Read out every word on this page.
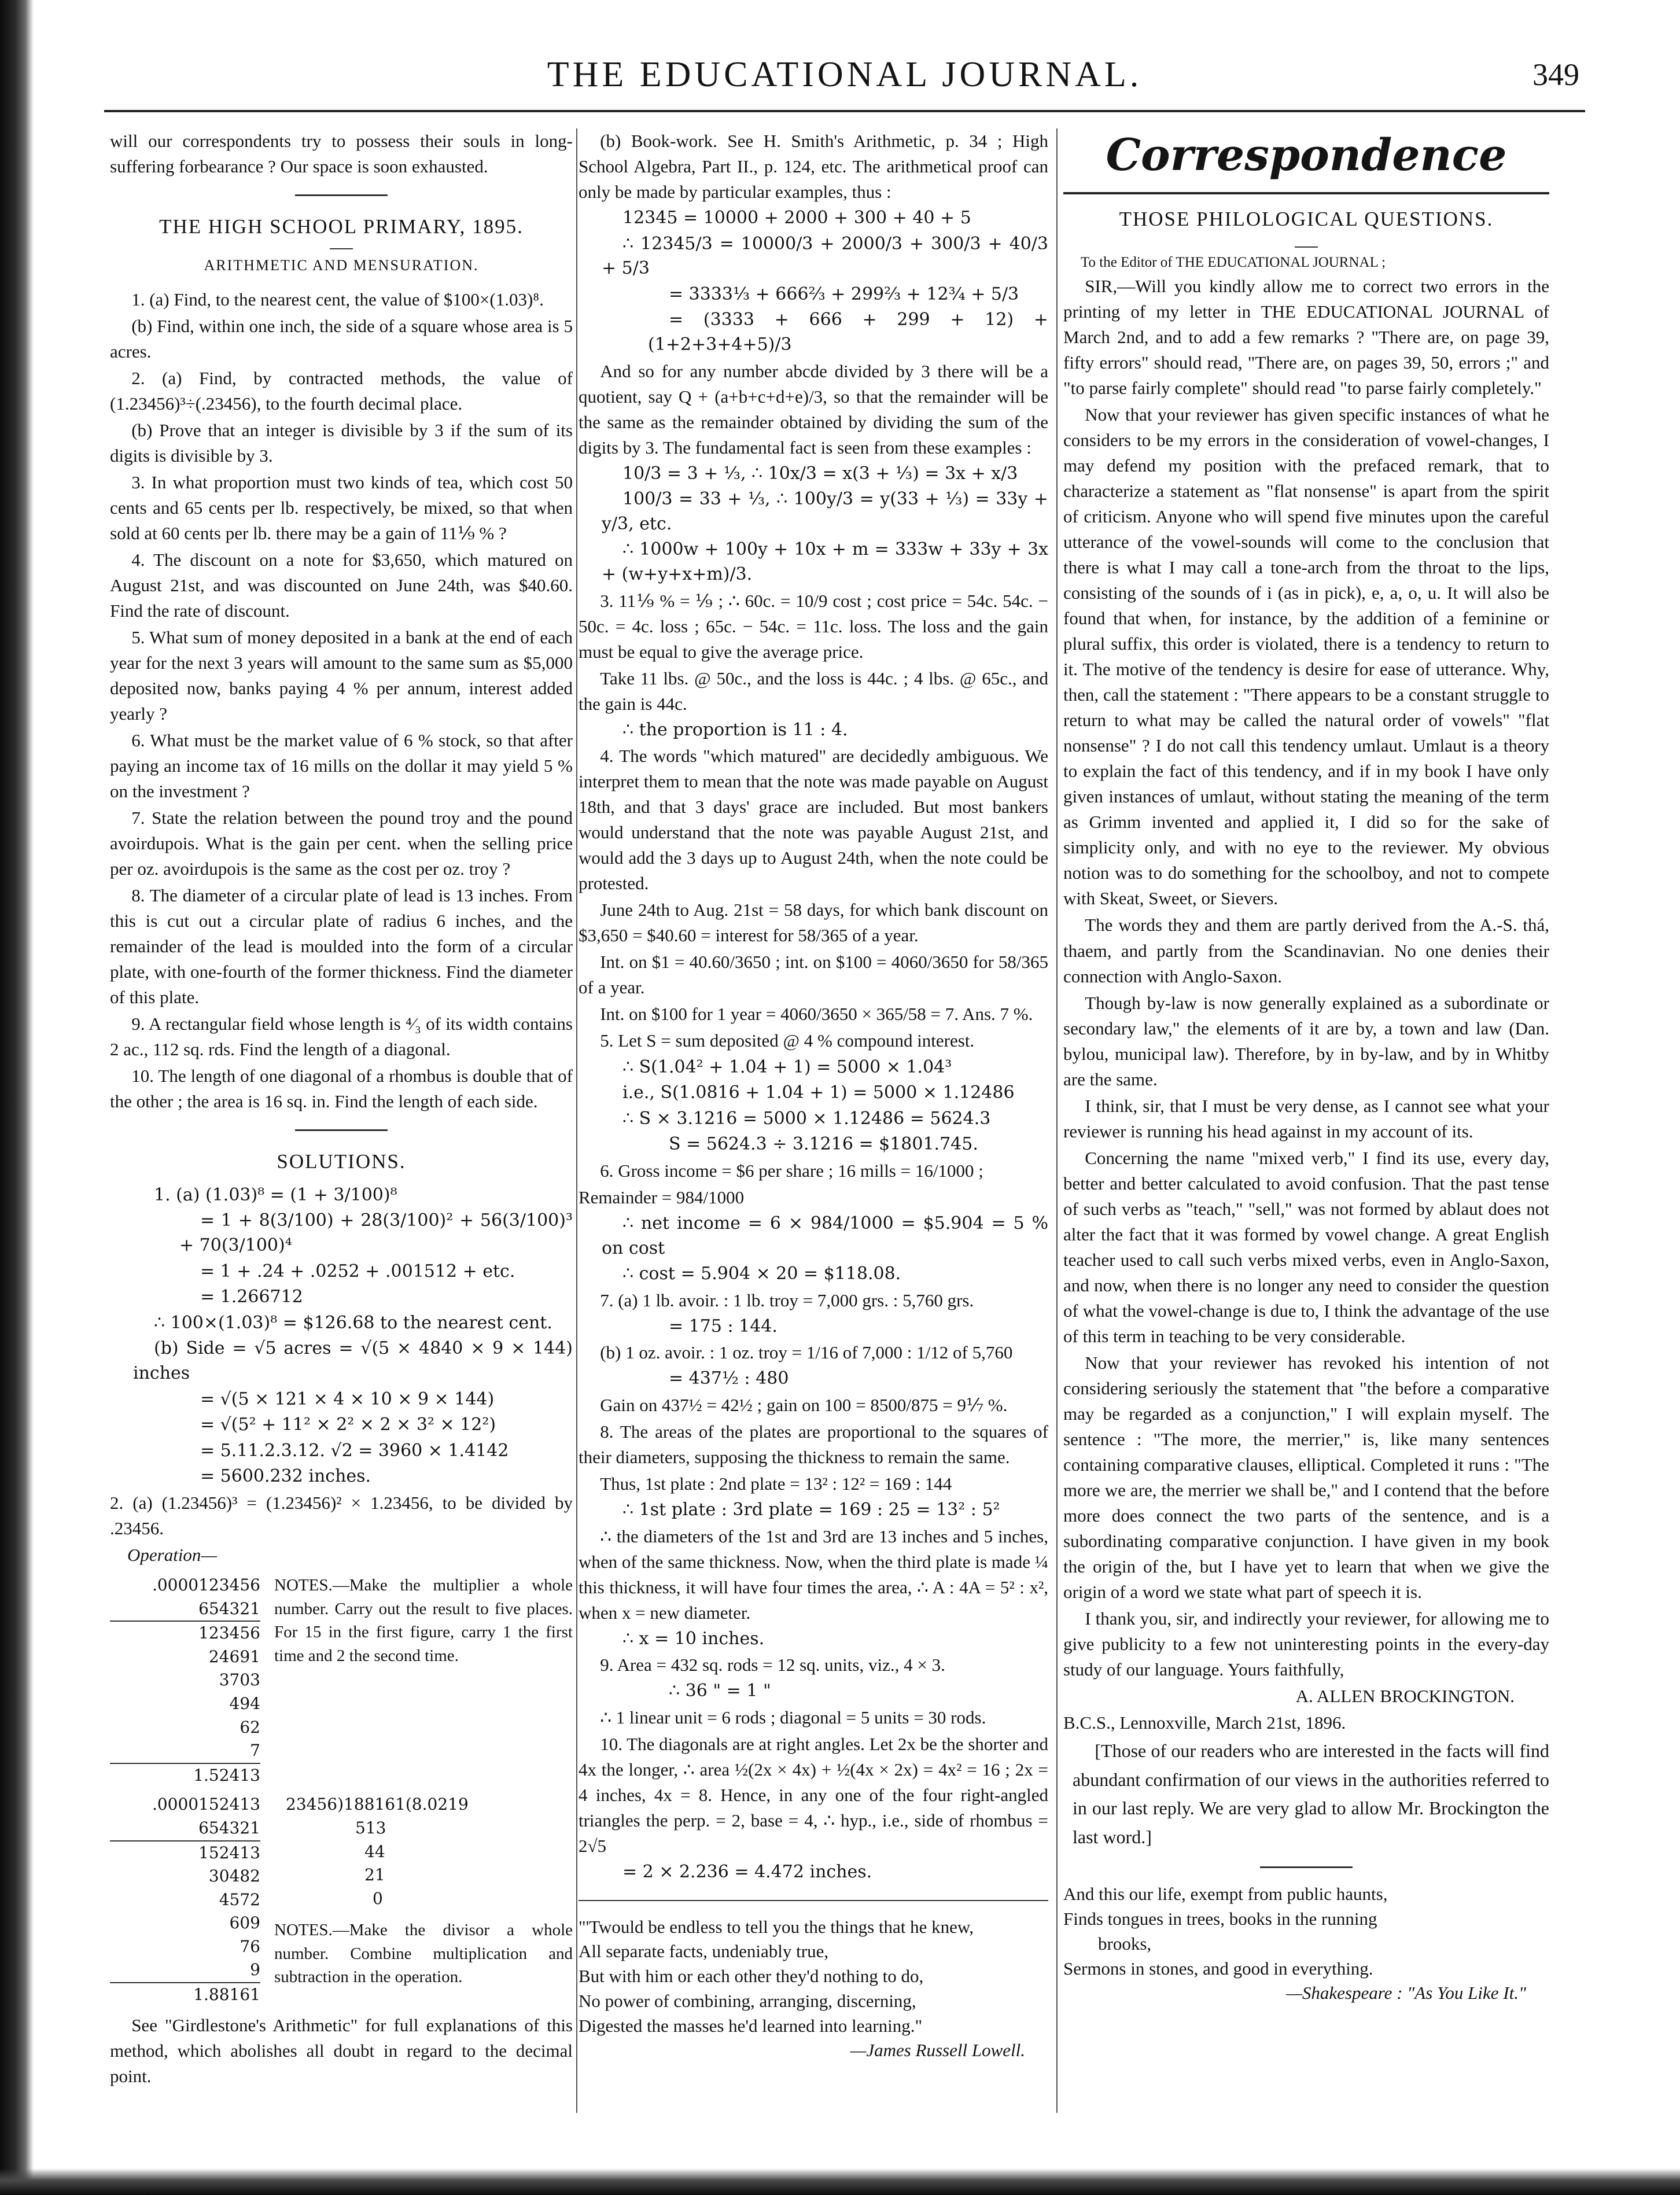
THE EDUCATIONAL JOURNAL.	349

will our correspondents try to possess their souls in long-suffering forbearance ? Our space is soon exhausted.

THE HIGH SCHOOL PRIMARY, 1895.
ARITHMETIC AND MENSURATION.

1. (a) Find, to the nearest cent, the value of $100×(1.03)⁸.

(b) Find, within one inch, the side of a square whose area is 5 acres.

2. (a) Find, by contracted methods, the value of (1.23456)³÷(.23456), to the fourth decimal place.

(b) Prove that an integer is divisible by 3 if the sum of its digits is divisible by 3.

3. In what proportion must two kinds of tea, which cost 50 cents and 65 cents per lb. respectively, be mixed, so that when sold at 60 cents per lb. there may be a gain of 11⅑ % ?

4. The discount on a note for $3,650, which matured on August 21st, and was discounted on June 24th, was $40.60. Find the rate of discount.

5. What sum of money deposited in a bank at the end of each year for the next 3 years will amount to the same sum as $5,000 deposited now, banks paying 4 % per annum, interest added yearly ?

6. What must be the market value of 6 % stock, so that after paying an income tax of 16 mills on the dollar it may yield 5 % on the investment ?

7. State the relation between the pound troy and the pound avoirdupois. What is the gain per cent. when the selling price per oz. avoirdupois is the same as the cost per oz. troy ?

8. The diameter of a circular plate of lead is 13 inches. From this is cut out a circular plate of radius 6 inches, and the remainder of the lead is moulded into the form of a circular plate, with one-fourth of the former thickness. Find the diameter of this plate.

9. A rectangular field whose length is ⁴⁄₃ of its width contains 2 ac., 112 sq. rds. Find the length of a diagonal.

10. The length of one diagonal of a rhombus is double that of the other ; the area is 16 sq. in. Find the length of each side.

SOLUTIONS.

1. (a) (1.03)⁸ = (1 + 3/100)⁸

= 1 + 8(3/100) + 28(3/100)² + 56(3/100)³ + 70(3/100)⁴

= 1 + .24 + .0252 + .001512 + etc.

= 1.266712

∴ 100×(1.03)⁸ = $126.68 to the nearest cent.

(b) Side = √5 acres = √(5 × 4840 × 9 × 144) inches

= √(5 × 121 × 4 × 10 × 9 × 144)

= √(5² + 11² × 2² × 2 × 3² × 12²)

= 5.11.2.3.12. √2 = 3960 × 1.4142

= 5600.232 inches.

2. (a) (1.23456)³ = (1.23456)² × 1.23456, to be divided by .23456.

Operation—

.0000123456
654321
123456
24691
3703
494
62
7
1.52413
NOTES.—Make the multiplier a whole number. Carry out the result to five places. For 15 in the first figure, carry 1 the first time and 2 the second time.
.0000152413
654321
152413
30482
4572
609
76
9
1.88161
23456)188161(8.0219
513
44
21
0
NOTES.—Make the divisor a whole number. Combine multiplication and subtraction in the operation.

See "Girdlestone's Arithmetic" for full explanations of this method, which abolishes all doubt in regard to the decimal point.

(b) Book-work. See H. Smith's Arithmetic, p. 34 ; High School Algebra, Part II., p. 124, etc. The arithmetical proof can only be made by particular examples, thus :

12345 = 10000 + 2000 + 300 + 40 + 5

∴ 12345/3 = 10000/3 + 2000/3 + 300/3 + 40/3 + 5/3

= 3333⅓ + 666⅔ + 299⅔ + 12¾ + 5/3

= (3333 + 666 + 299 + 12) + (1+2+3+4+5)/3

And so for any number abcde divided by 3 there will be a quotient, say Q + (a+b+c+d+e)/3, so that the remainder will be the same as the remainder obtained by dividing the sum of the digits by 3. The fundamental fact is seen from these examples :

10/3 = 3 + ⅓, ∴ 10x/3 = x(3 + ⅓) = 3x + x/3

100/3 = 33 + ⅓, ∴ 100y/3 = y(33 + ⅓) = 33y + y/3, etc.

∴ 1000w + 100y + 10x + m = 333w + 33y + 3x + (w+y+x+m)/3.

3. 11⅑ % = ⅑ ; ∴ 60c. = 10/9 cost ; cost price = 54c. 54c. − 50c. = 4c. loss ; 65c. − 54c. = 11c. loss. The loss and the gain must be equal to give the average price.

Take 11 lbs. @ 50c., and the loss is 44c. ; 4 lbs. @ 65c., and the gain is 44c.

∴ the proportion is 11 : 4.

4. The words "which matured" are decidedly ambiguous. We interpret them to mean that the note was made payable on August 18th, and that 3 days' grace are included. But most bankers would understand that the note was payable August 21st, and would add the 3 days up to August 24th, when the note could be protested.

June 24th to Aug. 21st = 58 days, for which bank discount on $3,650 = $40.60 = interest for 58/365 of a year.

Int. on $1 = 40.60/3650 ; int. on $100 = 4060/3650 for 58/365 of a year.

Int. on $100 for 1 year = 4060/3650 × 365/58 = 7. Ans. 7 %.

5. Let S = sum deposited @ 4 % compound interest.

∴ S(1.04² + 1.04 + 1) = 5000 × 1.04³

i.e., S(1.0816 + 1.04 + 1) = 5000 × 1.12486

∴ S × 3.1216 = 5000 × 1.12486 = 5624.3

S = 5624.3 ÷ 3.1216 = $1801.745.

6. Gross income = $6 per share ; 16 mills = 16/1000 ;

Remainder = 984/1000

∴ net income = 6 × 984/1000 = $5.904 = 5 % on cost

∴ cost = 5.904 × 20 = $118.08.

7. (a) 1 lb. avoir. : 1 lb. troy = 7,000 grs. : 5,760 grs.

= 175 : 144.

(b) 1 oz. avoir. : 1 oz. troy = 1/16 of 7,000 : 1/12 of 5,760

= 437½ : 480

Gain on 437½ = 42½ ; gain on 100 = 8500/875 = 9⅐ %.

8. The areas of the plates are proportional to the squares of their diameters, supposing the thickness to remain the same.

Thus, 1st plate : 2nd plate = 13² : 12² = 169 : 144

∴ 1st plate : 3rd plate = 169 : 25 = 13² : 5²

∴ the diameters of the 1st and 3rd are 13 inches and 5 inches, when of the same thickness. Now, when the third plate is made ¼ this thickness, it will have four times the area, ∴ A : 4A = 5² : x², when x = new diameter.

∴ x = 10 inches.

9. Area = 432 sq. rods = 12 sq. units, viz., 4 × 3.

∴ 36 " = 1 "

∴ 1 linear unit = 6 rods ; diagonal = 5 units = 30 rods.

10. The diagonals are at right angles. Let 2x be the shorter and 4x the longer, ∴ area ½(2x × 4x) + ½(4x × 2x) = 4x² = 16 ; 2x = 4 inches, 4x = 8. Hence, in any one of the four right-angled triangles the perp. = 2, base = 4, ∴ hyp., i.e., side of rhombus = 2√5

= 2 × 2.236 = 4.472 inches.

"'Twould be endless to tell you the things that he knew,

All separate facts, undeniably true,

But with him or each other they'd nothing to do,

No power of combining, arranging, discerning,

Digested the masses he'd learned into learning."

—James Russell Lowell.

Correspondence
THOSE PHILOLOGICAL QUESTIONS.

To the Editor of THE EDUCATIONAL JOURNAL ;

SIR,—Will you kindly allow me to correct two errors in the printing of my letter in THE EDUCATIONAL JOURNAL of March 2nd, and to add a few remarks ? "There are, on page 39, fifty errors" should read, "There are, on pages 39, 50, errors ;" and "to parse fairly complete" should read "to parse fairly completely."

Now that your reviewer has given specific instances of what he considers to be my errors in the consideration of vowel-changes, I may defend my position with the prefaced remark, that to characterize a statement as "flat nonsense" is apart from the spirit of criticism. Anyone who will spend five minutes upon the careful utterance of the vowel-sounds will come to the conclusion that there is what I may call a tone-arch from the throat to the lips, consisting of the sounds of i (as in pick), e, a, o, u. It will also be found that when, for instance, by the addition of a feminine or plural suffix, this order is violated, there is a tendency to return to it. The motive of the tendency is desire for ease of utterance. Why, then, call the statement : "There appears to be a constant struggle to return to what may be called the natural order of vowels" "flat nonsense" ? I do not call this tendency umlaut. Umlaut is a theory to explain the fact of this tendency, and if in my book I have only given instances of umlaut, without stating the meaning of the term as Grimm invented and applied it, I did so for the sake of simplicity only, and with no eye to the reviewer. My obvious notion was to do something for the schoolboy, and not to compete with Skeat, Sweet, or Sievers.

The words they and them are partly derived from the A.-S. thá, thaem, and partly from the Scandinavian. No one denies their connection with Anglo-Saxon.

Though by-law is now generally explained as a subordinate or secondary law," the elements of it are by, a town and law (Dan. bylou, municipal law). Therefore, by in by-law, and by in Whitby are the same.

I think, sir, that I must be very dense, as I cannot see what your reviewer is running his head against in my account of its.

Concerning the name "mixed verb," I find its use, every day, better and better calculated to avoid confusion. That the past tense of such verbs as "teach," "sell," was not formed by ablaut does not alter the fact that it was formed by vowel change. A great English teacher used to call such verbs mixed verbs, even in Anglo-Saxon, and now, when there is no longer any need to consider the question of what the vowel-change is due to, I think the advantage of the use of this term in teaching to be very considerable.

Now that your reviewer has revoked his intention of not considering seriously the statement that "the before a comparative may be regarded as a conjunction," I will explain myself. The sentence : "The more, the merrier," is, like many sentences containing comparative clauses, elliptical. Completed it runs : "The more we are, the merrier we shall be," and I contend that the before more does connect the two parts of the sentence, and is a subordinating comparative conjunction. I have given in my book the origin of the, but I have yet to learn that when we give the origin of a word we state what part of speech it is.

I thank you, sir, and indirectly your reviewer, for allowing me to give publicity to a few not uninteresting points in the every-day study of our language. Yours faithfully,

A. ALLEN BROCKINGTON.

B.C.S., Lennoxville, March 21st, 1896.

[Those of our readers who are interested in the facts will find abundant confirmation of our views in the authorities referred to in our last reply. We are very glad to allow Mr. Brockington the last word.]

And this our life, exempt from public haunts,

Finds tongues in trees, books in the running

brooks,

Sermons in stones, and good in everything.

—Shakespeare : "As You Like It."
